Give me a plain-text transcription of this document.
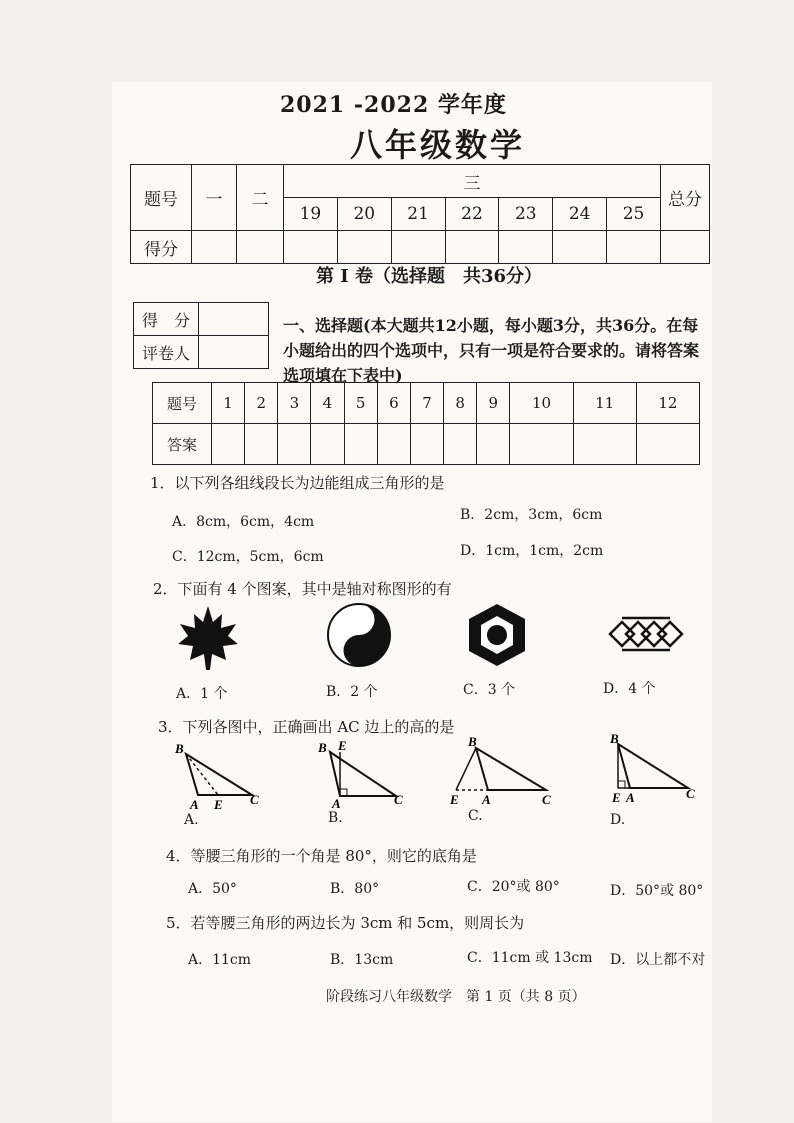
2021 -2022 学年度
八年级数学
题号	一	二	三							总分
			19	20	21	22	23	24	25	
得分										
第 Ⅰ 卷（选择题　共36分）
得　分	
评卷人	
一、选择题(本大题共12小题，每小题3分，共36分。在每小题给出的四个选项中，只有一项是符合要求的。请将答案选项填在下表中)
题号	1	2	3	4	5	6	7	8	9	10	11	12
答案												
1．以下列各组线段长为边能组成三角形的是
A．8cm，6cm，4cm	B．2cm，3cm，6cm
C．12cm，5cm，6cm	D．1cm，1cm，2cm
2．下面有 4 个图案，其中是轴对称图形的有
A．1 个	B．2 个	C．3 个	D．4 个
3．下列各图中，正确画出 AC 边上的高的是
B
A E C
A.
B E
A	C
B.
B
E A	C
C.
B
E A	C
D.
4．等腰三角形的一个角是 80°，则它的底角是
A．50°	B．80°	C．20°或 80°	D．50°或 80°
5．若等腰三角形的两边长为 3cm 和 5cm，则周长为
A．11cm	B．13cm	C．11cm 或 13cm D．以上都不对
阶段练习八年级数学　第 1 页（共 8 页）
